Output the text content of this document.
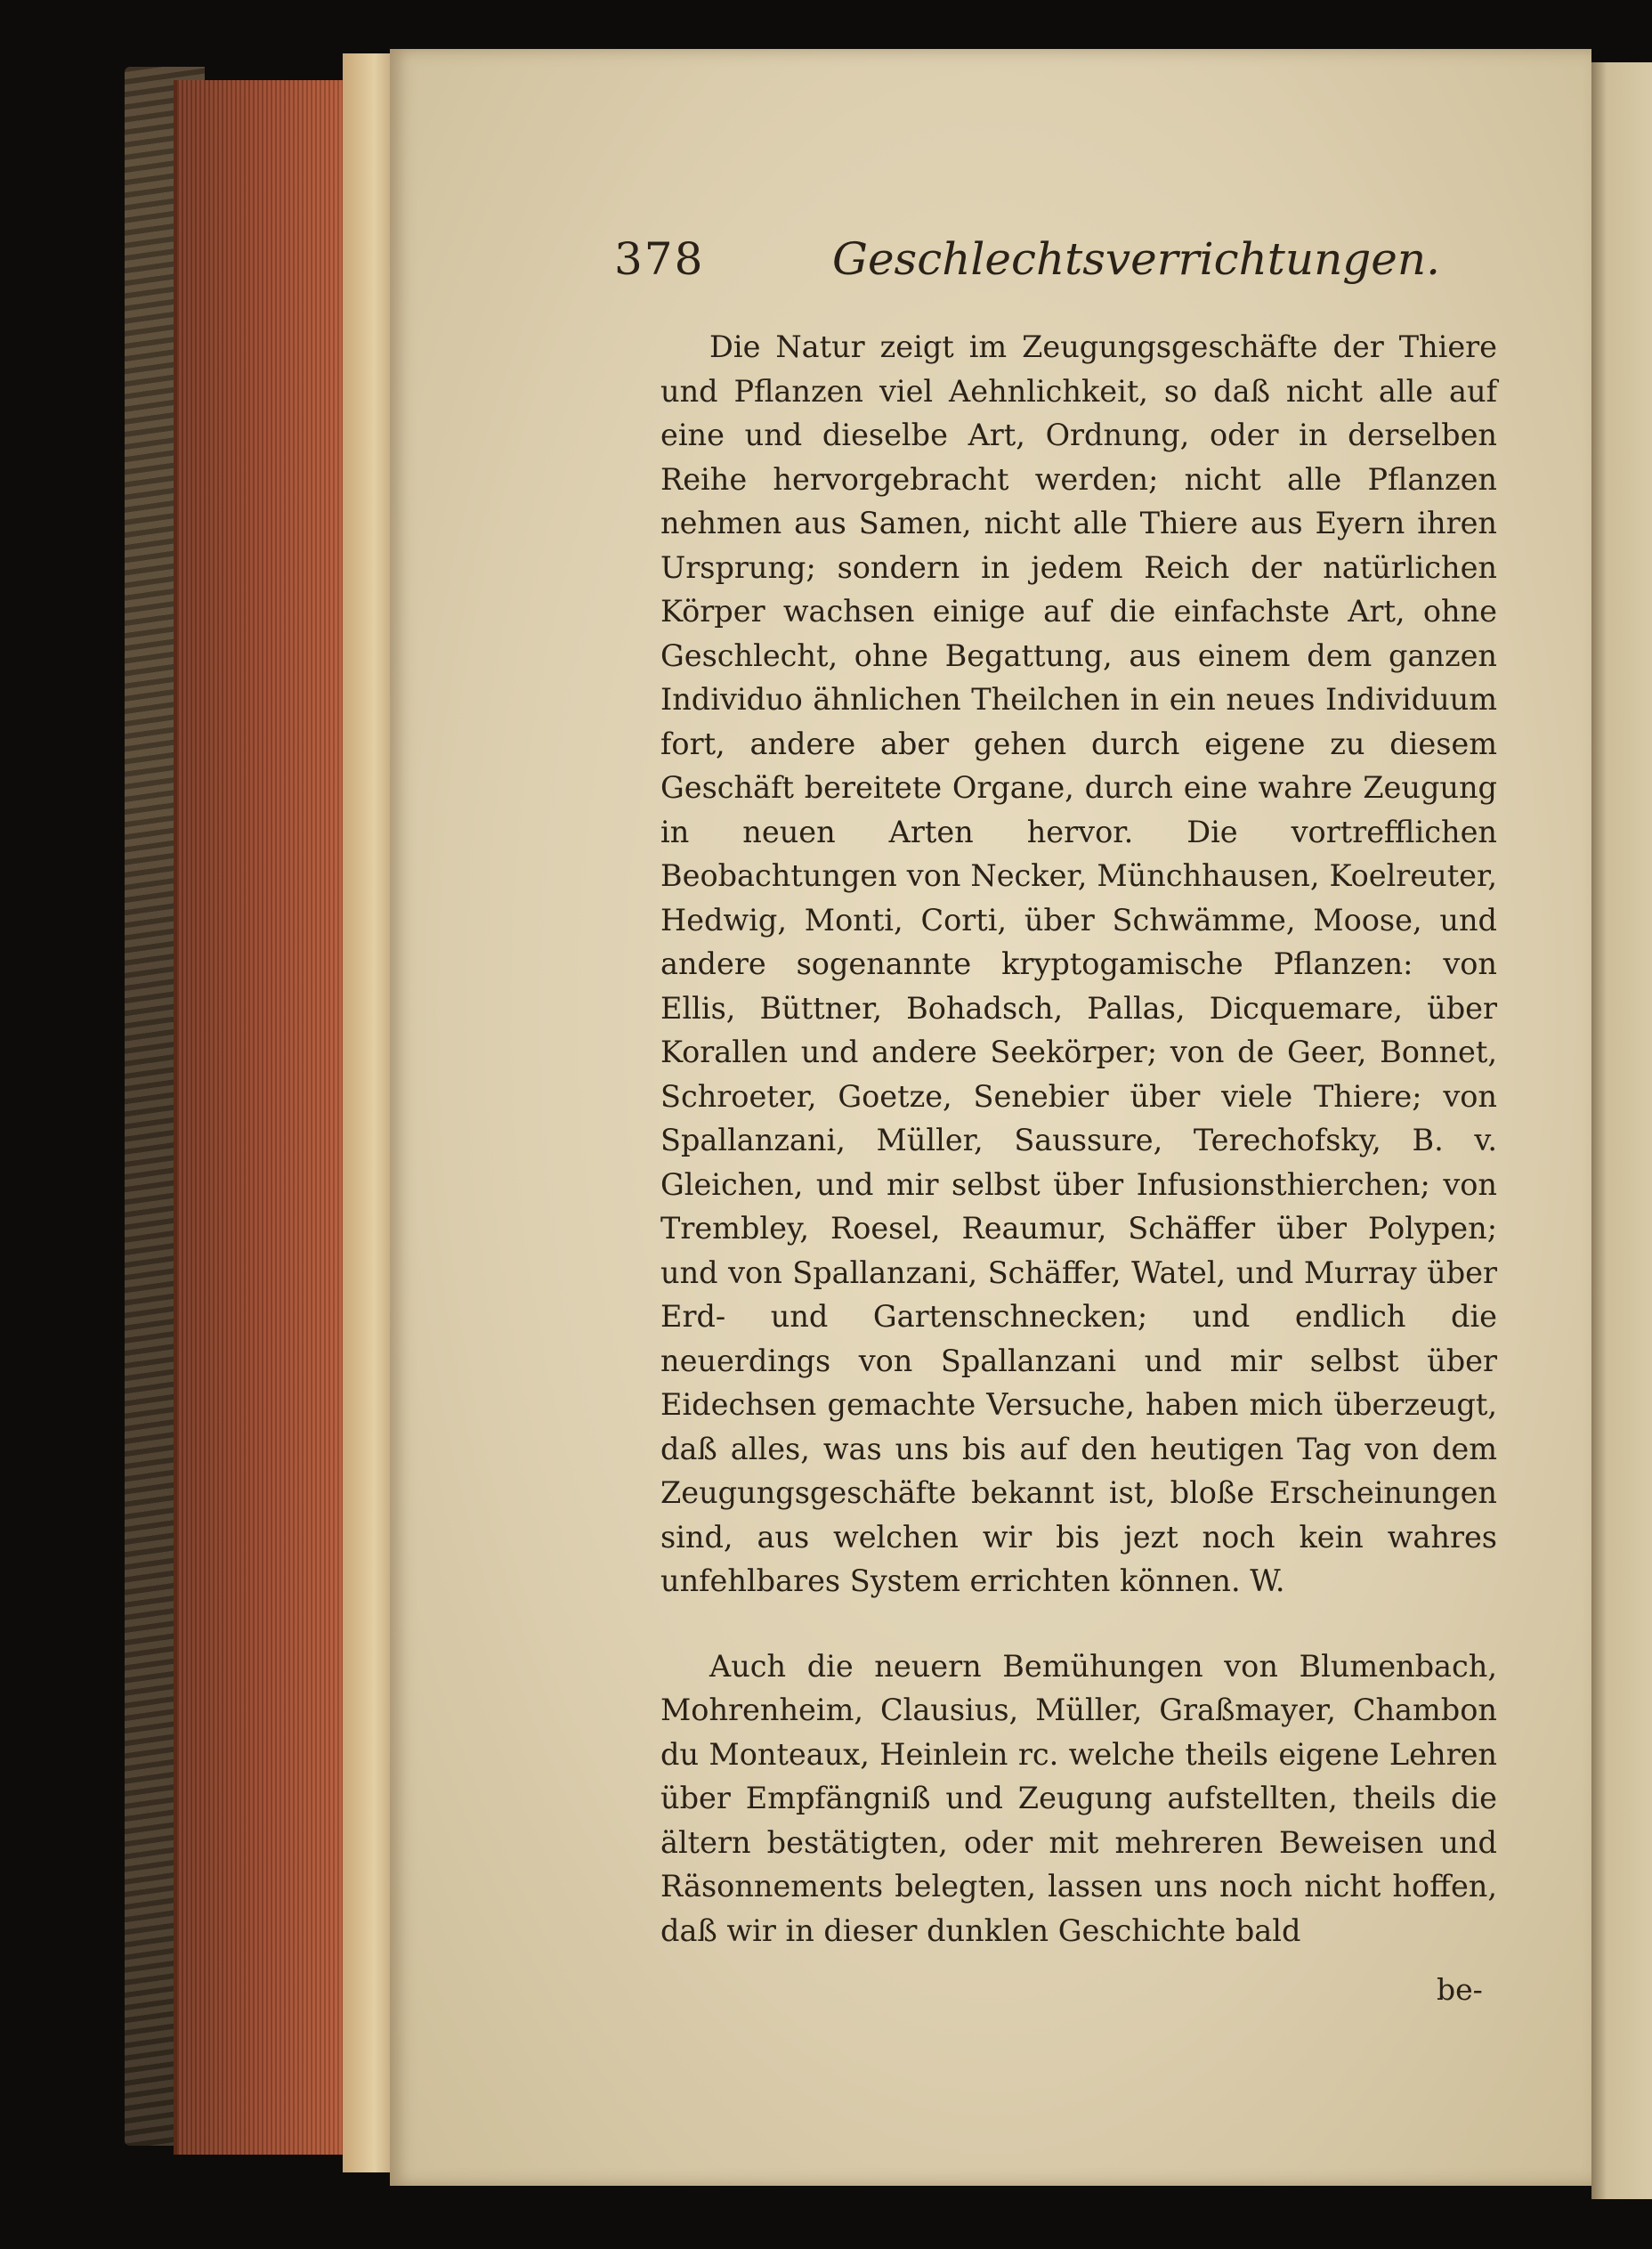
378	Geschlechtsverrichtungen.

Die Natur zeigt im Zeugungsgeschäfte der Thiere und Pflanzen viel Aehnlichkeit, so daß nicht alle auf eine und dieselbe Art, Ordnung, oder in derselben Reihe hervorgebracht werden; nicht alle Pflanzen nehmen aus Samen, nicht alle Thiere aus Eyern ihren Ursprung; sondern in jedem Reich der natürlichen Körper wachsen einige auf die einfachste Art, ohne Geschlecht, ohne Begattung, aus einem dem ganzen Individuo ähnlichen Theilchen in ein neues Individuum fort, andere aber gehen durch eigene zu diesem Geschäft bereitete Organe, durch eine wahre Zeugung in neuen Arten hervor. Die vortrefflichen Beobachtungen von Necker, Münchhausen, Koelreuter, Hedwig, Monti, Corti, über Schwämme, Moose, und andere sogenannte kryptogamische Pflanzen: von Ellis, Büttner, Bohadsch, Pallas, Dicquemare, über Korallen und andere Seekörper; von de Geer, Bonnet, Schroeter, Goetze, Senebier über viele Thiere; von Spallanzani, Müller, Saussure, Terechofsky, B. v. Gleichen, und mir selbst über Infusionsthierchen; von Trembley, Roesel, Reaumur, Schäffer über Polypen; und von Spallanzani, Schäffer, Watel, und Murray über Erd- und Gartenschnecken; und endlich die neuerdings von Spallanzani und mir selbst über Eidechsen gemachte Versuche, haben mich überzeugt, daß alles, was uns bis auf den heutigen Tag von dem Zeugungsgeschäfte bekannt ist, bloße Erscheinungen sind, aus welchen wir bis jezt noch kein wahres unfehlbares System errichten können. W.

Auch die neuern Bemühungen von Blumenbach, Mohrenheim, Clausius, Müller, Graßmayer, Chambon du Monteaux, Heinlein rc. welche theils eigene Lehren über Empfängniß und Zeugung aufstellten, theils die ältern bestätigten, oder mit mehreren Beweisen und Räsonnements belegten, lassen uns noch nicht hoffen, daß wir in dieser dunklen Geschichte bald

be-
